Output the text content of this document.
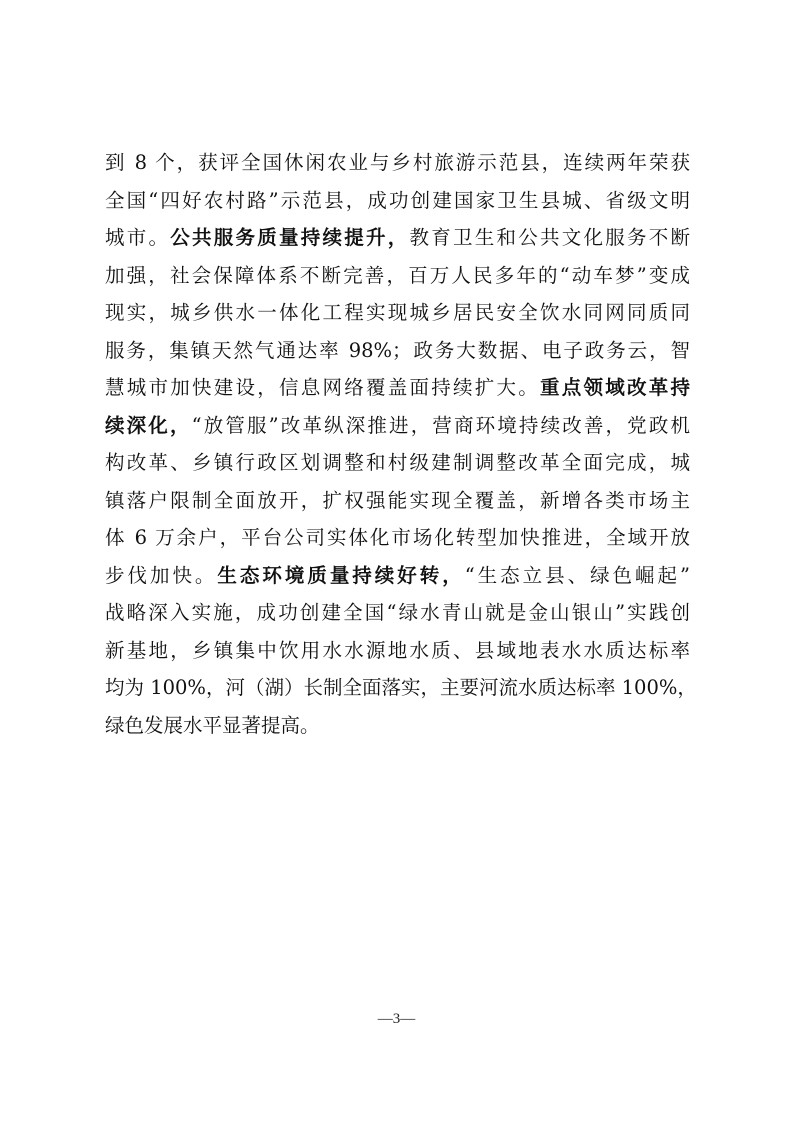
到 8 个，获评全国休闲农业与乡村旅游示范县，连续两年荣获
全国“四好农村路”示范县，成功创建国家卫生县城、省级文明
城市。公共服务质量持续提升，教育卫生和公共文化服务不断
加强，社会保障体系不断完善，百万人民多年的“动车梦”变成
现实，城乡供水一体化工程实现城乡居民安全饮水同网同质同
服务，集镇天然气通达率 98%；政务大数据、电子政务云，智
慧城市加快建设，信息网络覆盖面持续扩大。重点领域改革持
续深化，“放管服”改革纵深推进，营商环境持续改善，党政机
构改革、乡镇行政区划调整和村级建制调整改革全面完成，城
镇落户限制全面放开，扩权强能实现全覆盖，新增各类市场主
体 6 万余户，平台公司实体化市场化转型加快推进，全域开放
步伐加快。生态环境质量持续好转，“生态立县、绿色崛起”
战略深入实施，成功创建全国“绿水青山就是金山银山”实践创
新基地，乡镇集中饮用水水源地水质、县域地表水水质达标率
均为 100%，河（湖）长制全面落实，主要河流水质达标率 100%，
绿色发展水平显著提高。
—3—
